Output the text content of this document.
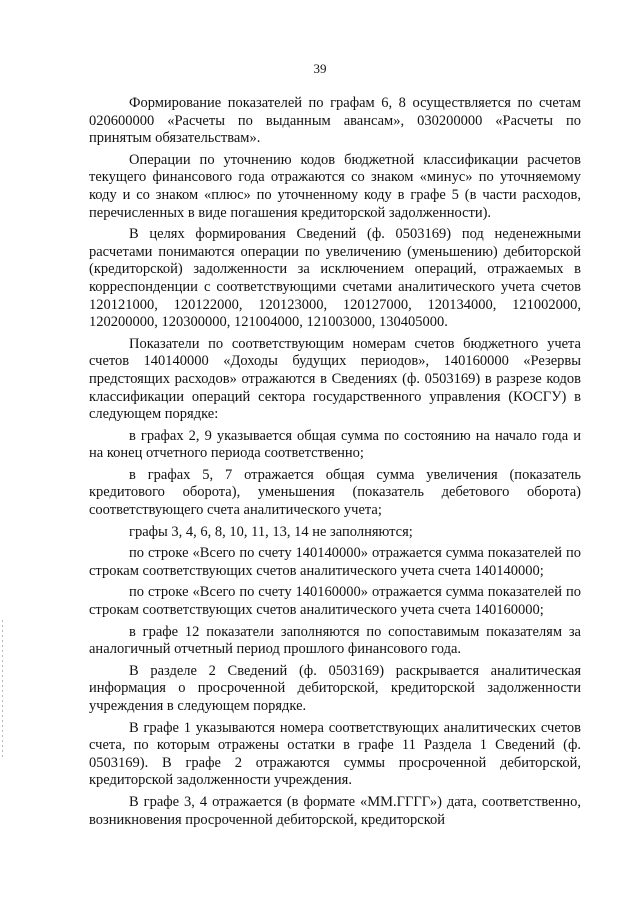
39

Формирование показателей по графам 6, 8 осуществляется по счетам 020600000 «Расчеты по выданным авансам», 030200000 «Расчеты по принятым обязательствам».

Операции по уточнению кодов бюджетной классификации расчетов текущего финансового года отражаются со знаком «минус» по уточняемому коду и со знаком «плюс» по уточненному коду в графе 5 (в части расходов, перечисленных в виде погашения кредиторской задолженности).

В целях формирования Сведений (ф. 0503169) под неденежными расчетами понимаются операции по увеличению (уменьшению) дебиторской (кредиторской) задолженности за исключением операций, отражаемых в корреспонденции с соответствующими счетами аналитического учета счетов 120121000, 120122000, 120123000, 120127000, 120134000, 121002000, 120200000, 120300000, 121004000, 121003000, 130405000.

Показатели по соответствующим номерам счетов бюджетного учета счетов 140140000 «Доходы будущих периодов», 140160000 «Резервы предстоящих расходов» отражаются в Сведениях (ф. 0503169) в разрезе кодов классификации операций сектора государственного управления (КОСГУ) в следующем порядке:

в графах 2, 9 указывается общая сумма по состоянию на начало года и на конец отчетного периода соответственно;

в графах 5, 7 отражается общая сумма увеличения (показатель кредитового оборота), уменьшения (показатель дебетового оборота) соответствующего счета аналитического учета;

графы 3, 4, 6, 8, 10, 11, 13, 14 не заполняются;

по строке «Всего по счету 140140000» отражается сумма показателей по строкам соответствующих счетов аналитического учета счета 140140000;

по строке «Всего по счету 140160000» отражается сумма показателей по строкам соответствующих счетов аналитического учета счета 140160000;

в графе 12 показатели заполняются по сопоставимым показателям за аналогичный отчетный период прошлого финансового года.

В разделе 2 Сведений (ф. 0503169) раскрывается аналитическая информация о просроченной дебиторской, кредиторской задолженности учреждения в следующем порядке.

В графе 1 указываются номера соответствующих аналитических счетов счета, по которым отражены остатки в графе 11 Раздела 1 Сведений (ф. 0503169). В графе 2 отражаются суммы просроченной дебиторской, кредиторской задолженности учреждения.

В графе 3, 4 отражается (в формате «ММ.ГГГГ») дата, соответственно, возникновения просроченной дебиторской, кредиторской
